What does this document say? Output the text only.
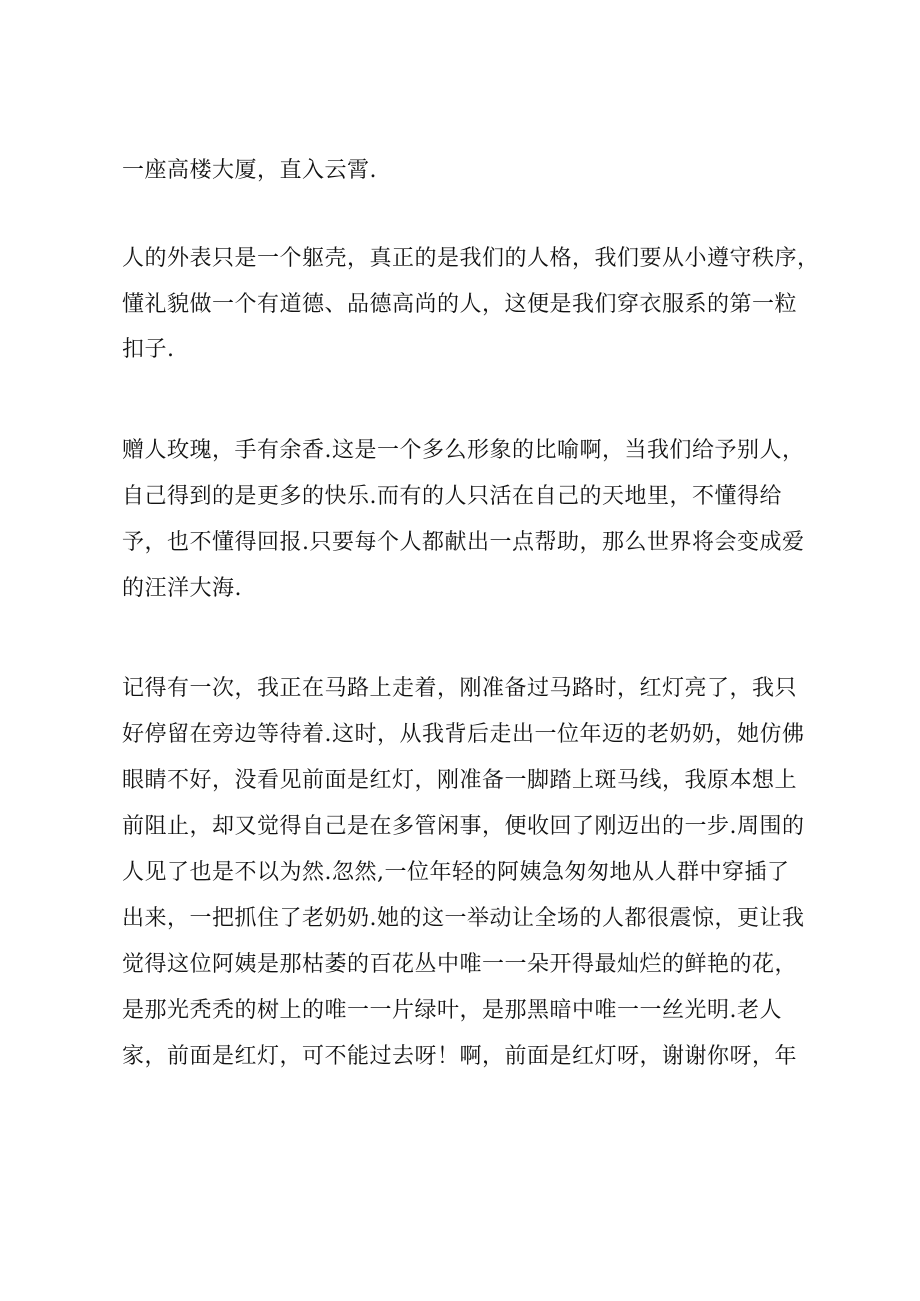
一座高楼大厦，直入云霄.
人的外表只是一个躯壳，真正的是我们的人格，我们要从小遵守秩序，
懂礼貌做一个有道德、品德高尚的人，这便是我们穿衣服系的第一粒
扣子.
赠人玫瑰，手有余香.这是一个多么形象的比喻啊，当我们给予别人，
自己得到的是更多的快乐.而有的人只活在自己的天地里，不懂得给
予，也不懂得回报.只要每个人都献出一点帮助，那么世界将会变成爱
的汪洋大海.
记得有一次，我正在马路上走着，刚准备过马路时，红灯亮了，我只
好停留在旁边等待着.这时，从我背后走出一位年迈的老奶奶，她仿佛
眼睛不好，没看见前面是红灯，刚准备一脚踏上斑马线，我原本想上
前阻止，却又觉得自己是在多管闲事，便收回了刚迈出的一步.周围的
人见了也是不以为然.忽然,一位年轻的阿姨急匆匆地从人群中穿插了
出来，一把抓住了老奶奶.她的这一举动让全场的人都很震惊，更让我
觉得这位阿姨是那枯萎的百花丛中唯一一朵开得最灿烂的鲜艳的花，
是那光秃秃的树上的唯一一片绿叶，是那黑暗中唯一一丝光明.老人
家，前面是红灯，可不能过去呀！啊，前面是红灯呀，谢谢你呀，年
